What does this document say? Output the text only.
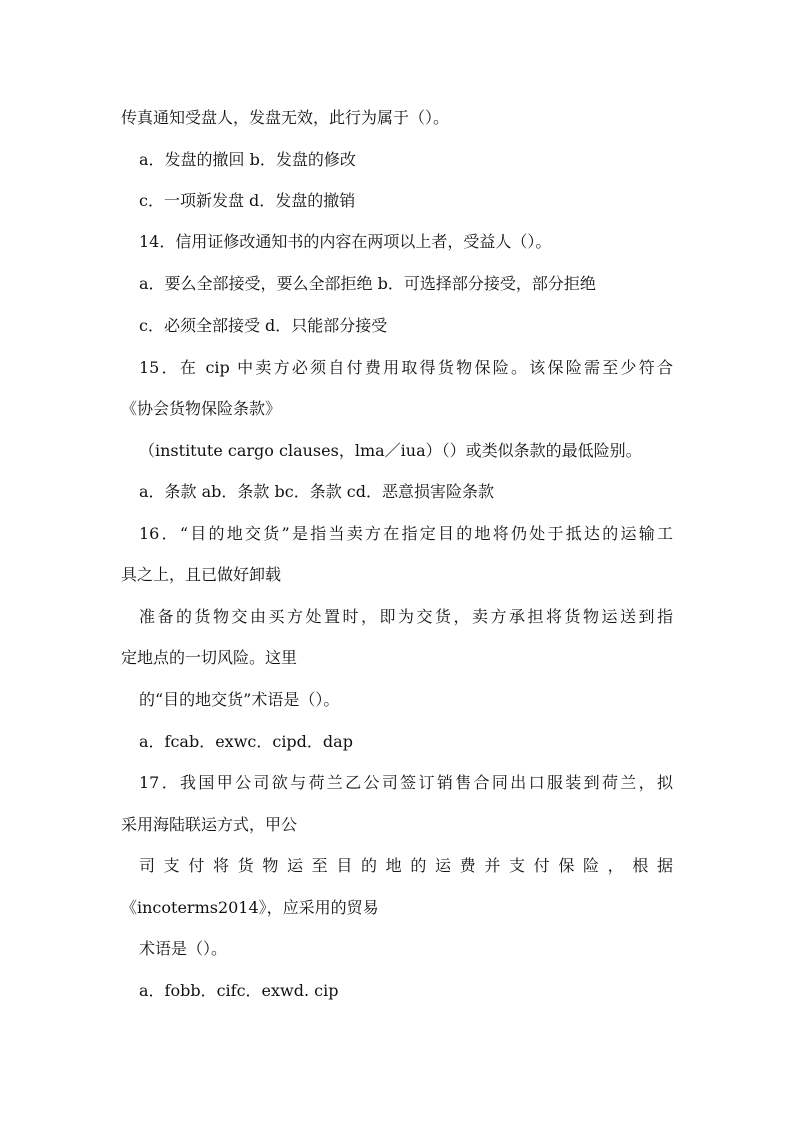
传真通知受盘人，发盘无效，此行为属于（）。
a．发盘的撤回 b．发盘的修改
c．一项新发盘 d．发盘的撤销
14．信用证修改通知书的内容在两项以上者，受益人（）。
a．要么全部接受，要么全部拒绝 b．可选择部分接受，部分拒绝
c．必须全部接受 d．只能部分接受
15．在 cip 中卖方必须自付费用取得货物保险。该保险需至少符合
《协会货物保险条款》
（institute cargo clauses，lma／iua）（）或类似条款的最低险别。
a．条款 ab．条款 bc．条款 cd．恶意损害险条款
16．“目的地交货”是指当卖方在指定目的地将仍处于抵达的运输工
具之上，且已做好卸载
准备的货物交由买方处置时，即为交货，卖方承担将货物运送到指
定地点的一切风险。这里
的“目的地交货”术语是（）。
a．fcab．exwc．cipd．dap
17．我国甲公司欲与荷兰乙公司签订销售合同出口服装到荷兰，拟
采用海陆联运方式，甲公
司支付将货物运至目的地的运费并支付保险，根据
《incoterms2014》，应采用的贸易
术语是（）。
a．fobb．cifc．exwd. cip
